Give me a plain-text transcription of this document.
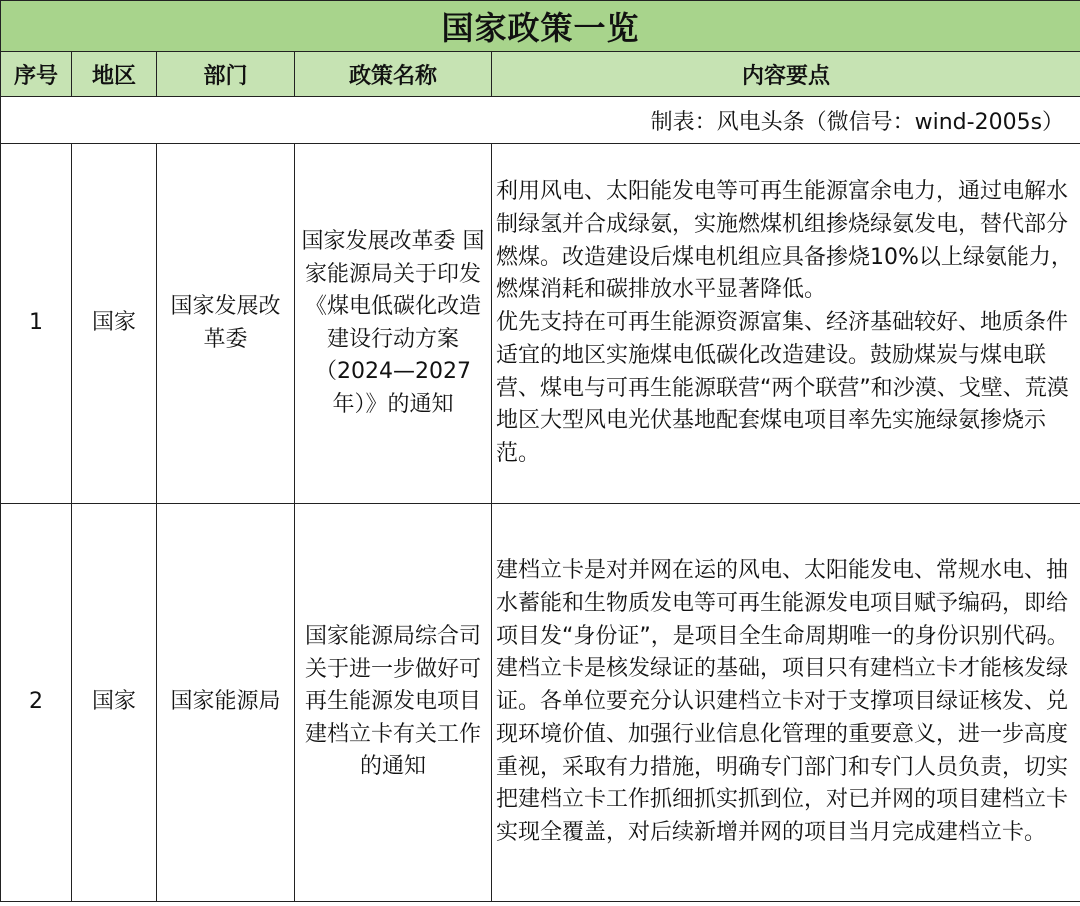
国家政策一览				
序号	地区	部门	政策名称	内容要点
制表：风电头条（微信号：wind-2005s）				
1	国家	国家发展改革委	国家发展改革委 国家能源局关于印发《煤电低碳化改造建设行动方案（2024—2027年）》的通知	利用风电、太阳能发电等可再生能源富余电力，通过电解水制绿氢并合成绿氨，实施燃煤机组掺烧绿氨发电，替代部分燃煤。改造建设后煤电机组应具备掺烧10%以上绿氨能力，燃煤消耗和碳排放水平显著降低。
优先支持在可再生能源资源富集、经济基础较好、地质条件适宜的地区实施煤电低碳化改造建设。鼓励煤炭与煤电联营、煤电与可再生能源联营“两个联营”和沙漠、戈壁、荒漠地区大型风电光伏基地配套煤电项目率先实施绿氨掺烧示范。

2	国家	国家能源局	国家能源局综合司关于进一步做好可再生能源发电项目建档立卡有关工作的通知	建档立卡是对并网在运的风电、太阳能发电、常规水电、抽水蓄能和生物质发电等可再生能源发电项目赋予编码，即给项目发“身份证”，是项目全生命周期唯一的身份识别代码。建档立卡是核发绿证的基础，项目只有建档立卡才能核发绿证。各单位要充分认识建档立卡对于支撑项目绿证核发、兑现环境价值、加强行业信息化管理的重要意义，进一步高度重视，采取有力措施，明确专门部门和专门人员负责，切实把建档立卡工作抓细抓实抓到位，对已并网的项目建档立卡实现全覆盖，对后续新增并网的项目当月完成建档立卡。
